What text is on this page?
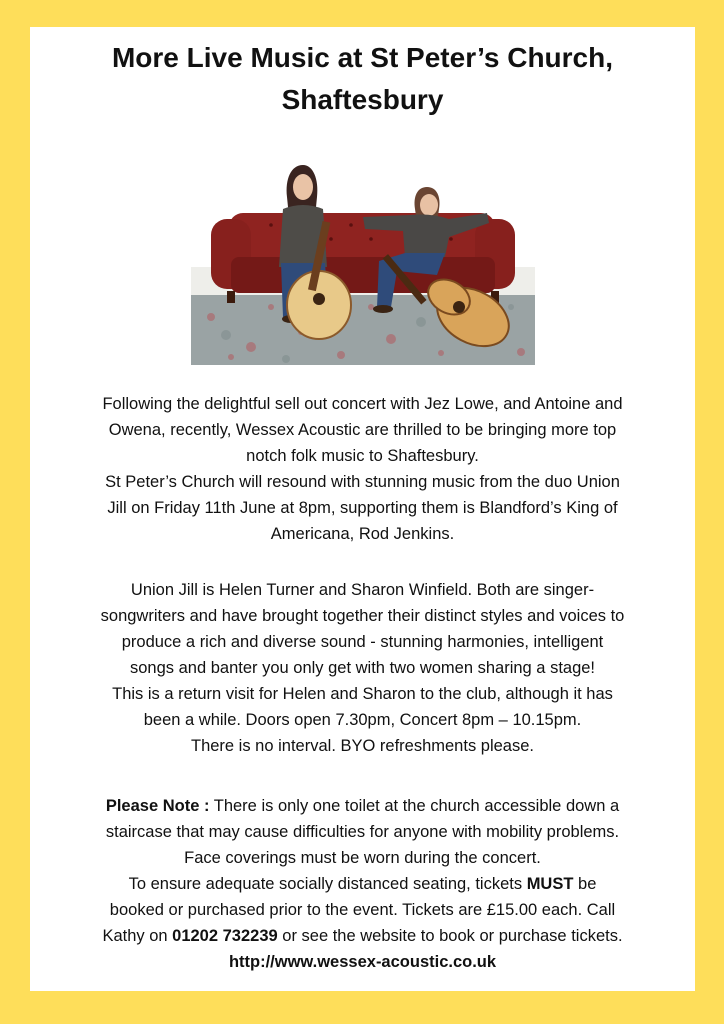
More Live Music at St Peter’s Church,
Shaftesbury

Following the delightful sell out concert with Jez Lowe, and Antoine and
Owena, recently, Wessex Acoustic are thrilled to be bringing more top
notch folk music to Shaftesbury.
St Peter’s Church will resound with stunning music from the duo Union
Jill on Friday 11th June at 8pm, supporting them is Blandford’s King of
Americana, Rod Jenkins.

Union Jill is Helen Turner and Sharon Winfield. Both are singer-
songwriters and have brought together their distinct styles and voices to
produce a rich and diverse sound - stunning harmonies, intelligent
songs and banter you only get with two women sharing a stage!
This is a return visit for Helen and Sharon to the club, although it has
been a while. Doors open 7.30pm, Concert 8pm – 10.15pm.
There is no interval. BYO refreshments please.

Please Note : There is only one toilet at the church accessible down a
staircase that may cause difficulties for anyone with mobility problems.
Face coverings must be worn during the concert.
To ensure adequate socially distanced seating, tickets MUST be
booked or purchased prior to the event. Tickets are £15.00 each. Call
Kathy on 01202 732239 or see the website to book or purchase tickets.
http://www.wessex-acoustic.co.uk
